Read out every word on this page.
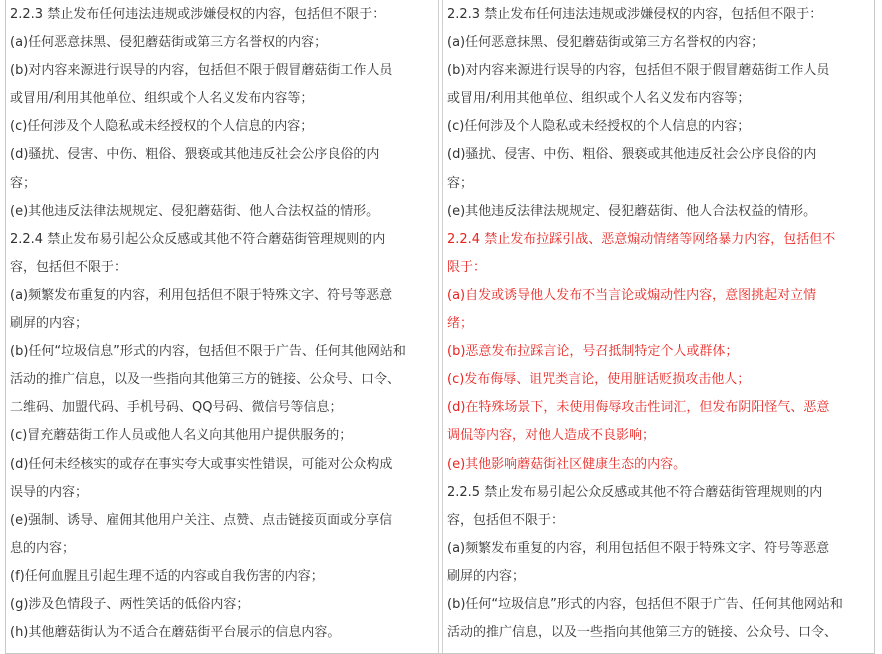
2.2.3 禁止发布任何违法违规或涉嫌侵权的内容，包括但不限于：
(a)任何恶意抹黑、侵犯蘑菇街或第三方名誉权的内容；
(b)对内容来源进行误导的内容，包括但不限于假冒蘑菇街工作人员
或冒用/利用其他单位、组织或个人名义发布内容等；
(c)任何涉及个人隐私或未经授权的个人信息的内容；
(d)骚扰、侵害、中伤、粗俗、猥亵或其他违反社会公序良俗的内
容；
(e)其他违反法律法规规定、侵犯蘑菇街、他人合法权益的情形。
2.2.4 禁止发布易引起公众反感或其他不符合蘑菇街管理规则的内
容，包括但不限于：
(a)频繁发布重复的内容，利用包括但不限于特殊文字、符号等恶意
刷屏的内容；
(b)任何“垃圾信息”形式的内容，包括但不限于广告、任何其他网站和
活动的推广信息，以及一些指向其他第三方的链接、公众号、口令、
二维码、加盟代码、手机号码、QQ号码、微信号等信息；
(c)冒充蘑菇街工作人员或他人名义向其他用户提供服务的；
(d)任何未经核实的或存在事实夸大或事实性错误，可能对公众构成
误导的内容；
(e)强制、诱导、雇佣其他用户关注、点赞、点击链接页面或分享信
息的内容；
(f)任何血腥且引起生理不适的内容或自我伤害的内容；
(g)涉及色情段子、两性笑话的低俗内容；
(h)其他蘑菇街认为不适合在蘑菇街平台展示的信息内容。
2.2.3 禁止发布任何违法违规或涉嫌侵权的内容，包括但不限于：
(a)任何恶意抹黑、侵犯蘑菇街或第三方名誉权的内容；
(b)对内容来源进行误导的内容，包括但不限于假冒蘑菇街工作人员
或冒用/利用其他单位、组织或个人名义发布内容等；
(c)任何涉及个人隐私或未经授权的个人信息的内容；
(d)骚扰、侵害、中伤、粗俗、猥亵或其他违反社会公序良俗的内
容；
(e)其他违反法律法规规定、侵犯蘑菇街、他人合法权益的情形。
2.2.4 禁止发布拉踩引战、恶意煽动情绪等网络暴力内容，包括但不
限于：
(a)自发或诱导他人发布不当言论或煽动性内容，意图挑起对立情
绪；
(b)恶意发布拉踩言论，号召抵制特定个人或群体；
(c)发布侮辱、诅咒类言论，使用脏话贬损攻击他人；
(d)在特殊场景下，未使用侮辱攻击性词汇，但发布阴阳怪气、恶意
调侃等内容，对他人造成不良影响；
(e)其他影响蘑菇街社区健康生态的内容。
2.2.5 禁止发布易引起公众反感或其他不符合蘑菇街管理规则的内
容，包括但不限于：
(a)频繁发布重复的内容，利用包括但不限于特殊文字、符号等恶意
刷屏的内容；
(b)任何“垃圾信息”形式的内容，包括但不限于广告、任何其他网站和
活动的推广信息，以及一些指向其他第三方的链接、公众号、口令、
